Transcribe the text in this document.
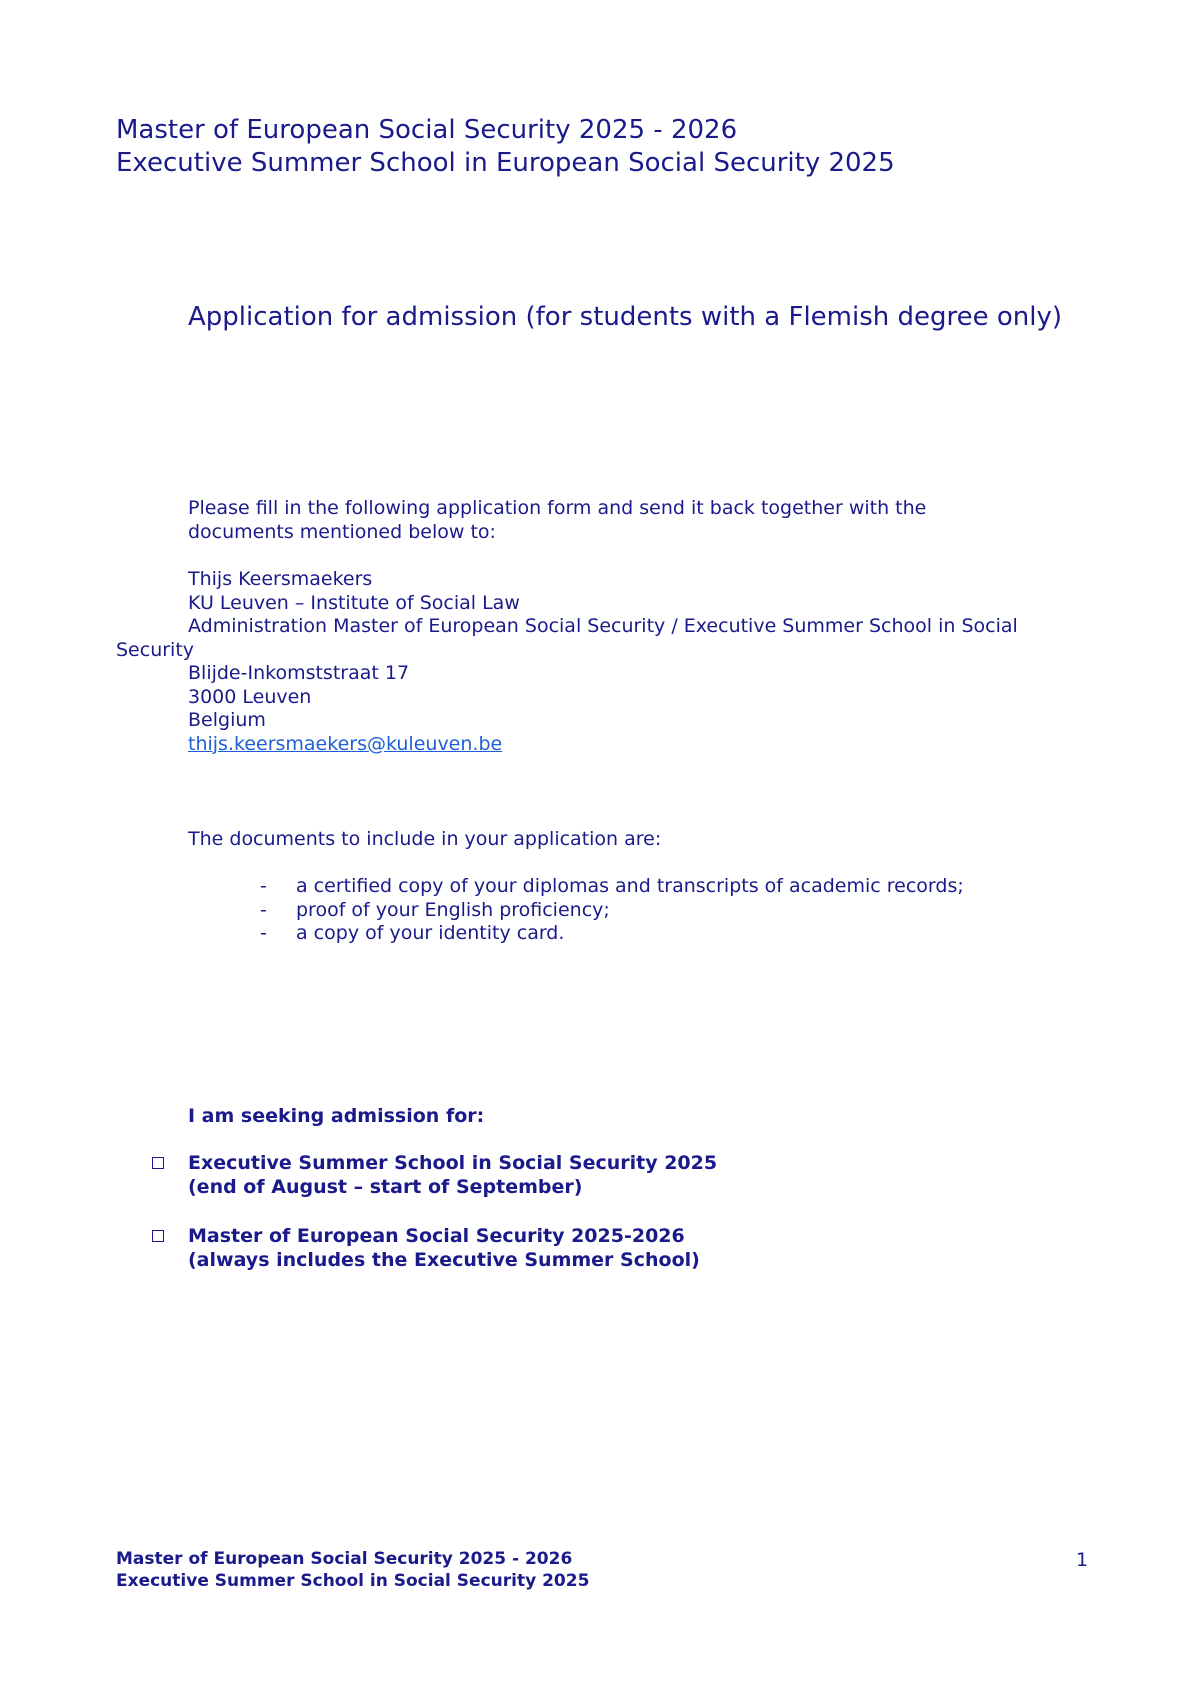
Master of European Social Security 2025 - 2026
Executive Summer School in European Social Security 2025
Application for admission (for students with a Flemish degree only)
Please fill in the following application form and send it back together with the
documents mentioned below to:
Thijs Keersmaekers
KU Leuven – Institute of Social Law
Administration Master of European Social Security / Executive Summer School in Social Security
Blijde-Inkomststraat 17
3000 Leuven
Belgium
thijs.keersmaekers@kuleuven.be
The documents to include in your application are:
- a certified copy of your diplomas and transcripts of academic records;
- proof of your English proficiency;
- a copy of your identity card.
I am seeking admission for:
Executive Summer School in Social Security 2025
(end of August – start of September)
Master of European Social Security 2025-2026
(always includes the Executive Summer School)
Master of European Social Security 2025 - 2026
Executive Summer School in Social Security 2025
1
